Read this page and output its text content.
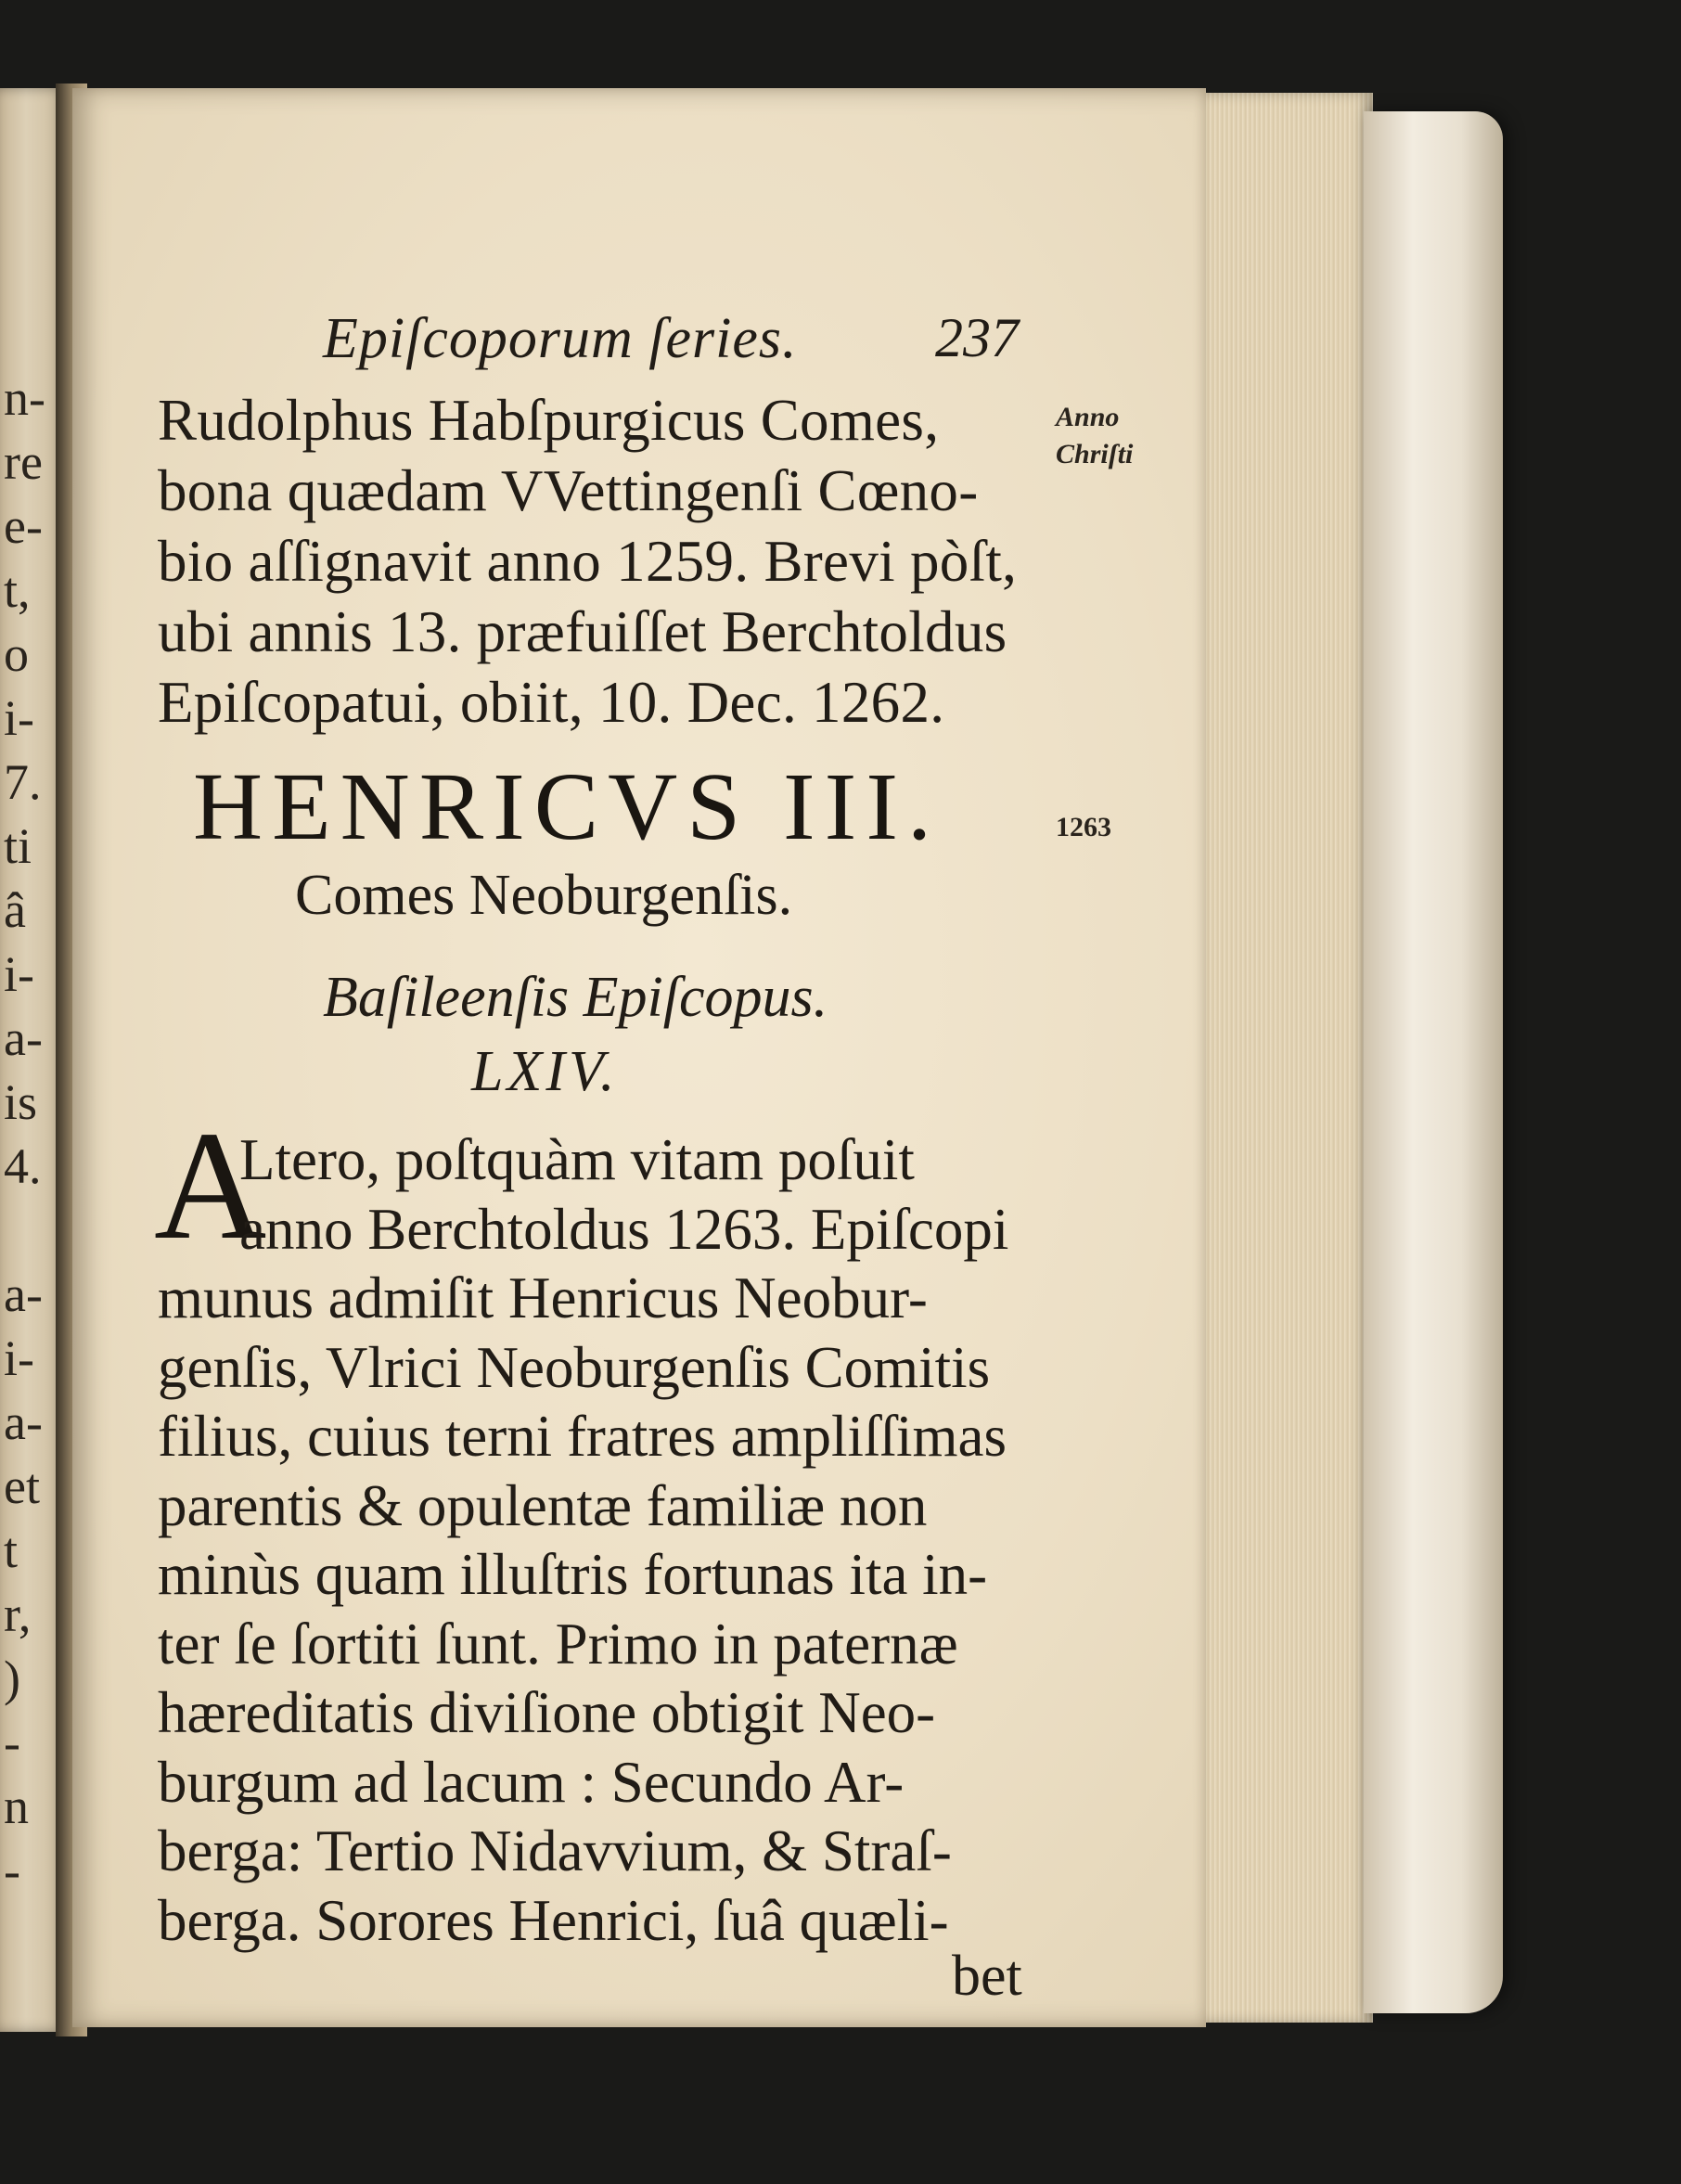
n-
re
e-
t,
o
i-
7.
ti
â
i-
a-
is
4.
a-
i-
a-
et
t
r,
)
-
n
-
Epiſcoporum ſeries. 237
Rudolphus Habſpurgicus Comes,
bona quædam VVettingenſi Cœno-
bio aſſignavit anno 1259. Brevi pòſt,
ubi annis 13. præfuiſſet Berchtoldus
Epiſcopatui, obiit, 10. Dec. 1262.
HENRICVS III.
Comes Neoburgenſis.
Baſileenſis Epiſcopus.
LXIV.
A
Ltero, poſtquàm vitam poſuit
anno Berchtoldus 1263. Epiſcopi
munus admiſit Henricus Neobur-
genſis, Vlrici Neoburgenſis Comitis
filius, cuius terni fratres ampliſſimas
parentis & opulentæ familiæ non
minùs quam illuſtris fortunas ita in-
ter ſe ſortiti ſunt. Primo in paternæ
hæreditatis diviſione obtigit Neo-
burgum ad lacum : Secundo Ar-
berga: Tertio Nidavvium, & Straſ-
berga. Sorores Henrici, ſuâ quæli-
bet
Anno
Chriſti
1263
